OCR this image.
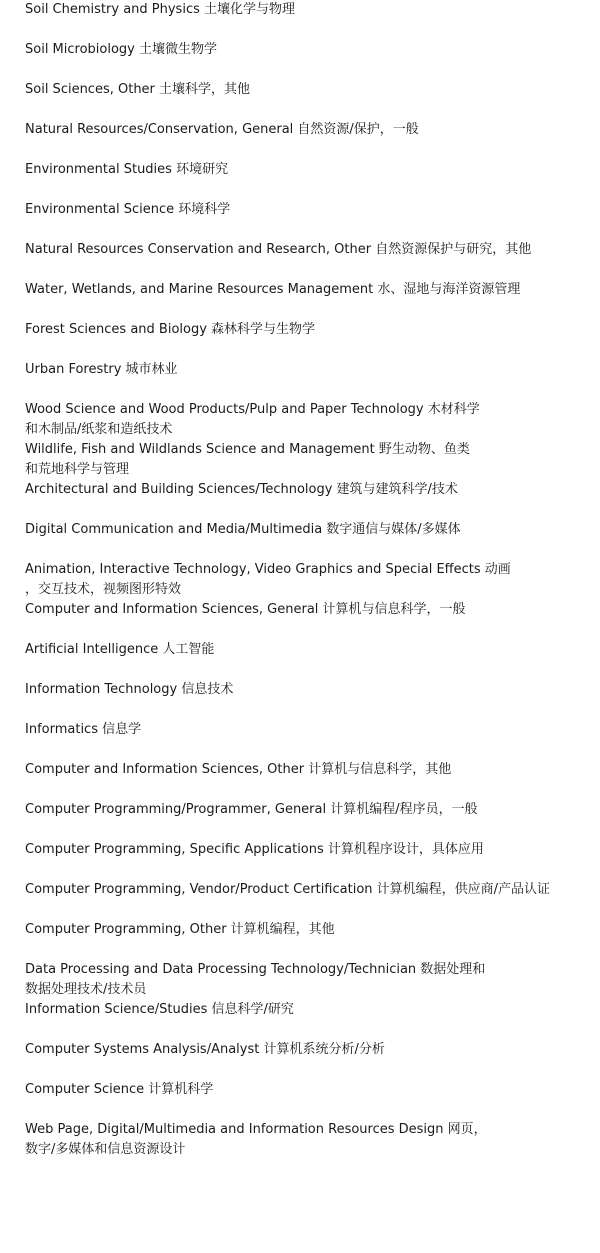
Soil Chemistry and Physics 土壤化学与物理
Soil Microbiology 土壤微生物学
Soil Sciences, Other 土壤科学，其他
Natural Resources/Conservation, General 自然资源/保护，一般
Environmental Studies 环境研究
Environmental Science 环境科学
Natural Resources Conservation and Research, Other 自然资源保护与研究，其他
Water, Wetlands, and Marine Resources Management 水、湿地与海洋资源管理
Forest Sciences and Biology 森林科学与生物学
Urban Forestry 城市林业
Wood Science and Wood Products/Pulp and Paper Technology 木材科学
和木制品/纸浆和造纸技术
Wildlife, Fish and Wildlands Science and Management 野生动物、鱼类
和荒地科学与管理
Architectural and Building Sciences/Technology 建筑与建筑科学/技术
Digital Communication and Media/Multimedia 数字通信与媒体/多媒体
Animation, Interactive Technology, Video Graphics and Special Effects 动画
，交互技术，视频图形特效
Computer and Information Sciences, General 计算机与信息科学，一般
Artificial Intelligence 人工智能
Information Technology 信息技术
Informatics 信息学
Computer and Information Sciences, Other 计算机与信息科学，其他
Computer Programming/Programmer, General 计算机编程/程序员，一般
Computer Programming, Specific Applications 计算机程序设计，具体应用
Computer Programming, Vendor/Product Certification 计算机编程，供应商/产品认证
Computer Programming, Other 计算机编程，其他
Data Processing and Data Processing Technology/Technician 数据处理和
数据处理技术/技术员
Information Science/Studies 信息科学/研究
Computer Systems Analysis/Analyst 计算机系统分析/分析
Computer Science 计算机科学
Web Page, Digital/Multimedia and Information Resources Design 网页，
数字/多媒体和信息资源设计
